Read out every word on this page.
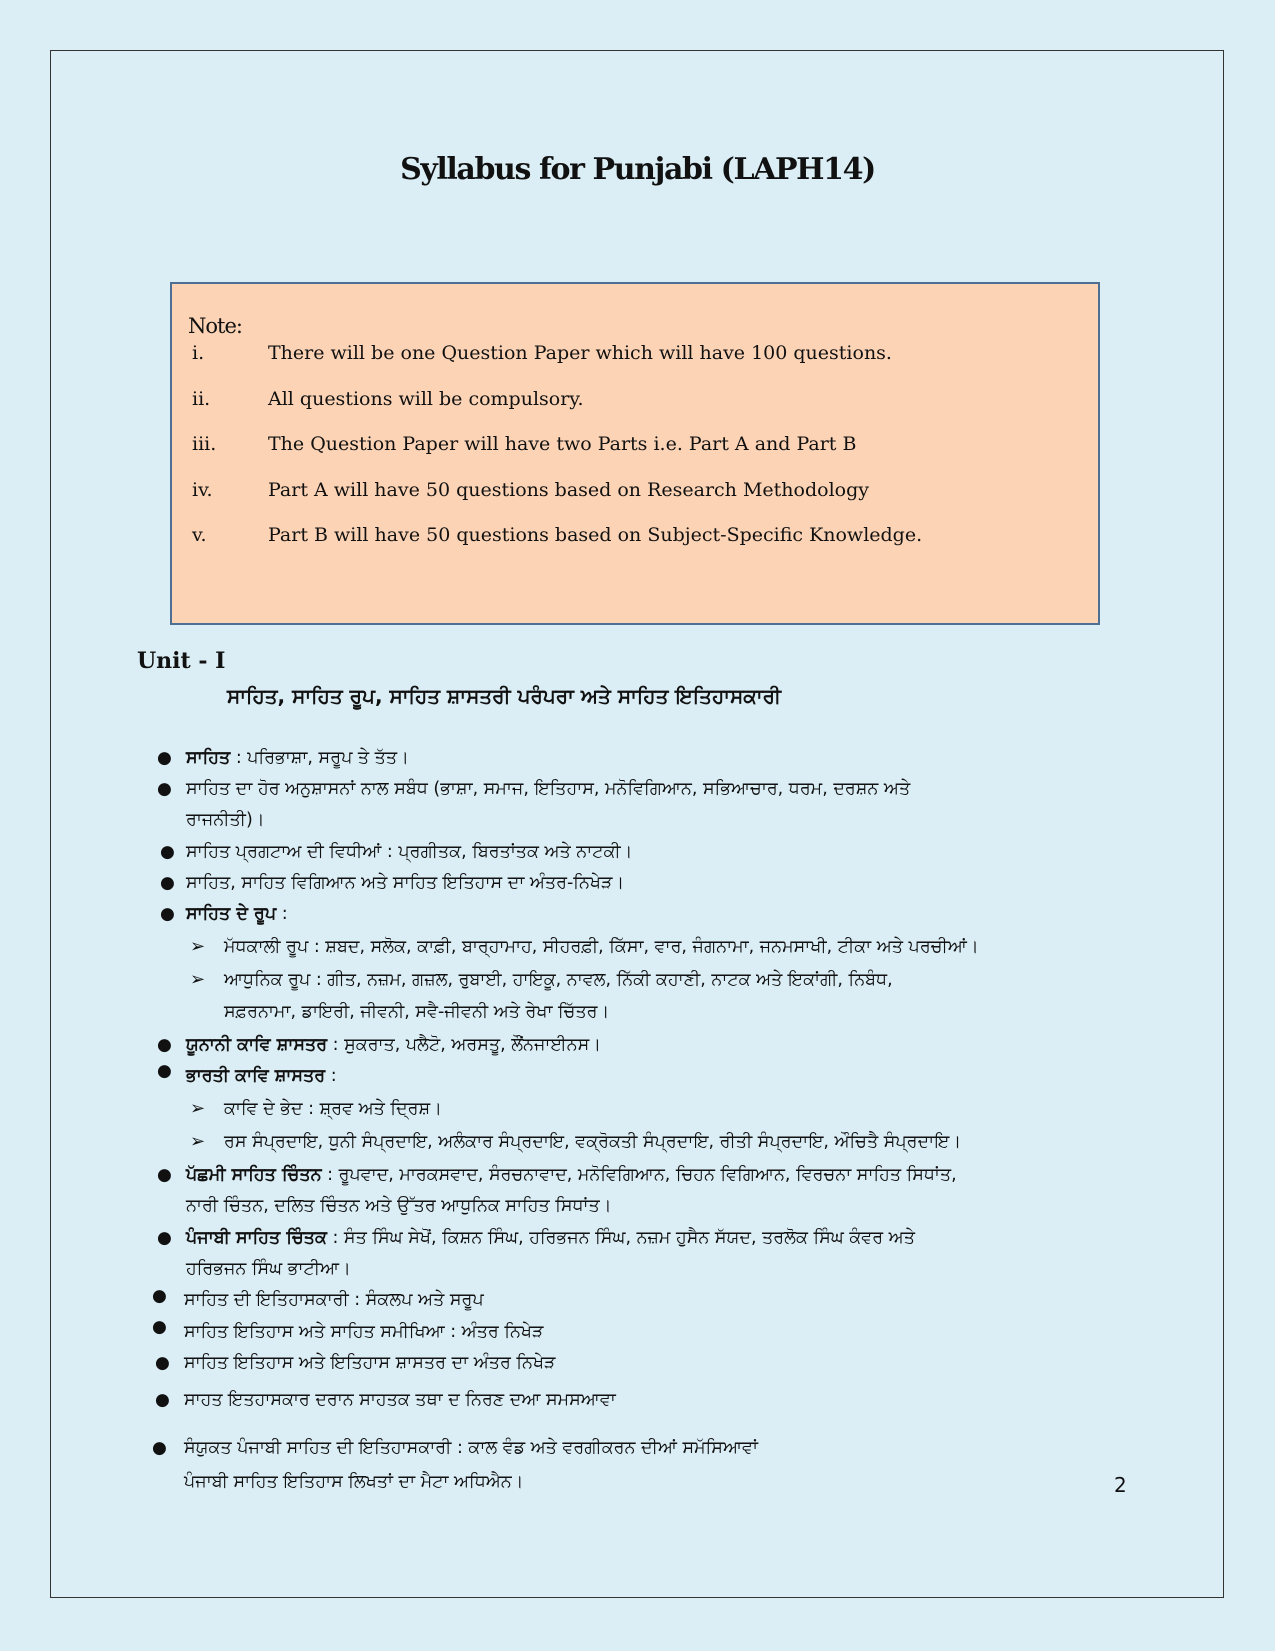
Syllabus for Punjabi (LAPH14)
Note:
i.	There will be one Question Paper which will have 100 questions.
ii.	All questions will be compulsory.
iii.	The Question Paper will have two Parts i.e. Part A and Part B
iv.	Part A will have 50 questions based on Research Methodology
v.	Part B will have 50 questions based on Subject-Specific Knowledge.
Unit - I
ਸਾਹਿਤ, ਸਾਹਿਤ ਰੂਪ, ਸਾਹਿਤ ਸ਼ਾਸਤਰੀ ਪਰੰਪਰਾ ਅਤੇ ਸਾਹਿਤ ਇਤਿਹਾਸਕਾਰੀ
● ਸਾਹਿਤ : ਪਰਿਭਾਸ਼ਾ, ਸਰੂਪ ਤੇ ਤੱਤ।
● ਸਾਹਿਤ ਦਾ ਹੋਰ ਅਨੁਸ਼ਾਸਨਾਂ ਨਾਲ ਸਬੰਧ (ਭਾਸ਼ਾ, ਸਮਾਜ, ਇਤਿਹਾਸ, ਮਨੋਵਿਗਿਆਨ, ਸਭਿਆਚਾਰ, ਧਰਮ, ਦਰਸ਼ਨ ਅਤੇ
ਰਾਜਨੀਤੀ)।
● ਸਾਹਿਤ ਪ੍ਰਗਟਾਅ ਦੀ ਵਿਧੀਆਂ : ਪ੍ਰਗੀਤਕ, ਬਿਰਤਾਂਤਕ ਅਤੇ ਨਾਟਕੀ।
● ਸਾਹਿਤ, ਸਾਹਿਤ ਵਿਗਿਆਨ ਅਤੇ ਸਾਹਿਤ ਇਤਿਹਾਸ ਦਾ ਅੰਤਰ-ਨਿਖੇੜ।
● ਸਾਹਿਤ ਦੇ ਰੂਪ :
➢ ਮੱਧਕਾਲੀ ਰੂਪ : ਸ਼ਬਦ, ਸਲੋਕ, ਕਾਫ਼ੀ, ਬਾਰ੍ਹਾਮਾਹ, ਸੀਹਰਫ਼ੀ, ਕਿੱਸਾ, ਵਾਰ, ਜੰਗਨਾਮਾ, ਜਨਮਸਾਖੀ, ਟੀਕਾ ਅਤੇ ਪਰਚੀਆਂ।
➢ ਆਧੁਨਿਕ ਰੂਪ : ਗੀਤ, ਨਜ਼ਮ, ਗਜ਼ਲ, ਰੁਬਾਈ, ਹਾਇਕੂ, ਨਾਵਲ, ਨਿੱਕੀ ਕਹਾਣੀ, ਨਾਟਕ ਅਤੇ ਇਕਾਂਗੀ, ਨਿਬੰਧ,
ਸਫ਼ਰਨਾਮਾ, ਡਾਇਰੀ, ਜੀਵਨੀ, ਸਵੈ-ਜੀਵਨੀ ਅਤੇ ਰੇਖਾ ਚਿੱਤਰ।
● ਯੂਨਾਨੀ ਕਾਵਿ ਸ਼ਾਸਤਰ : ਸੁਕਰਾਤ, ਪਲੈਟੋ, ਅਰਸਤੂ, ਲੌਂਨਜਾਈਨਸ।
● ਭਾਰਤੀ ਕਾਵਿ ਸ਼ਾਸਤਰ :
➢ ਕਾਵਿ ਦੇ ਭੇਦ : ਸ਼੍ਰਵ ਅਤੇ ਦ੍ਰਿਸ਼।
➢ ਰਸ ਸੰਪ੍ਰਦਾਇ, ਧੁਨੀ ਸੰਪ੍ਰਦਾਇ, ਅਲੰਕਾਰ ਸੰਪ੍ਰਦਾਇ, ਵਕ੍ਰੋਕਤੀ ਸੰਪ੍ਰਦਾਇ, ਰੀਤੀ ਸੰਪ੍ਰਦਾਇ, ਔਚਿਤੈ ਸੰਪ੍ਰਦਾਇ।
● ਪੱਛਮੀ ਸਾਹਿਤ ਚਿੰਤਨ : ਰੂਪਵਾਦ, ਮਾਰਕਸਵਾਦ, ਸੰਰਚਨਾਵਾਦ, ਮਨੋਵਿਗਿਆਨ, ਚਿਹਨ ਵਿਗਿਆਨ, ਵਿਰਚਨਾ ਸਾਹਿਤ ਸਿਧਾਂਤ,
ਨਾਰੀ ਚਿੰਤਨ, ਦਲਿਤ ਚਿੰਤਨ ਅਤੇ ਉੱਤਰ ਆਧੁਨਿਕ ਸਾਹਿਤ ਸਿਧਾਂਤ।
● ਪੰਜਾਬੀ ਸਾਹਿਤ ਚਿੰਤਕ : ਸੰਤ ਸਿੰਘ ਸੇਖੋਂ, ਕਿਸ਼ਨ ਸਿੰਘ, ਹਰਿਭਜਨ ਸਿੰਘ, ਨਜ਼ਮ ਹੁਸੈਨ ਸੱਯਦ, ਤਰਲੋਕ ਸਿੰਘ ਕੰਵਰ ਅਤੇ
ਹਰਿਭਜਨ ਸਿੰਘ ਭਾਟੀਆ।
● ਸਾਹਿਤ ਦੀ ਇਤਿਹਾਸਕਾਰੀ : ਸੰਕਲਪ ਅਤੇ ਸਰੂਪ
● ਸਾਹਿਤ ਇਤਿਹਾਸ ਅਤੇ ਸਾਹਿਤ ਸਮੀਖਿਆ : ਅੰਤਰ ਨਿਖੇੜ
● ਸਾਹਿਤ ਇਤਿਹਾਸ ਅਤੇ ਇਤਿਹਾਸ ਸ਼ਾਸਤਰ ਦਾ ਅੰਤਰ ਨਿਖੇੜ
● ਸਾਹਤ ਇਤਹਾਸਕਾਰ ਦਰਾਨ ਸਾਹਤਕ ਤਥਾ ਦ ਨਿਰਣ ਦਆ ਸਮਸਆਵਾ
● ਸੰਯੁਕਤ ਪੰਜਾਬੀ ਸਾਹਿਤ ਦੀ ਇਤਿਹਾਸਕਾਰੀ : ਕਾਲ ਵੰਡ ਅਤੇ ਵਰਗੀਕਰਨ ਦੀਆਂ ਸਮੱਸਿਆਵਾਂ
ਪੰਜਾਬੀ ਸਾਹਿਤ ਇਤਿਹਾਸ ਲਿਖਤਾਂ ਦਾ ਮੈਟਾ ਅਧਿਐਨ।	2
